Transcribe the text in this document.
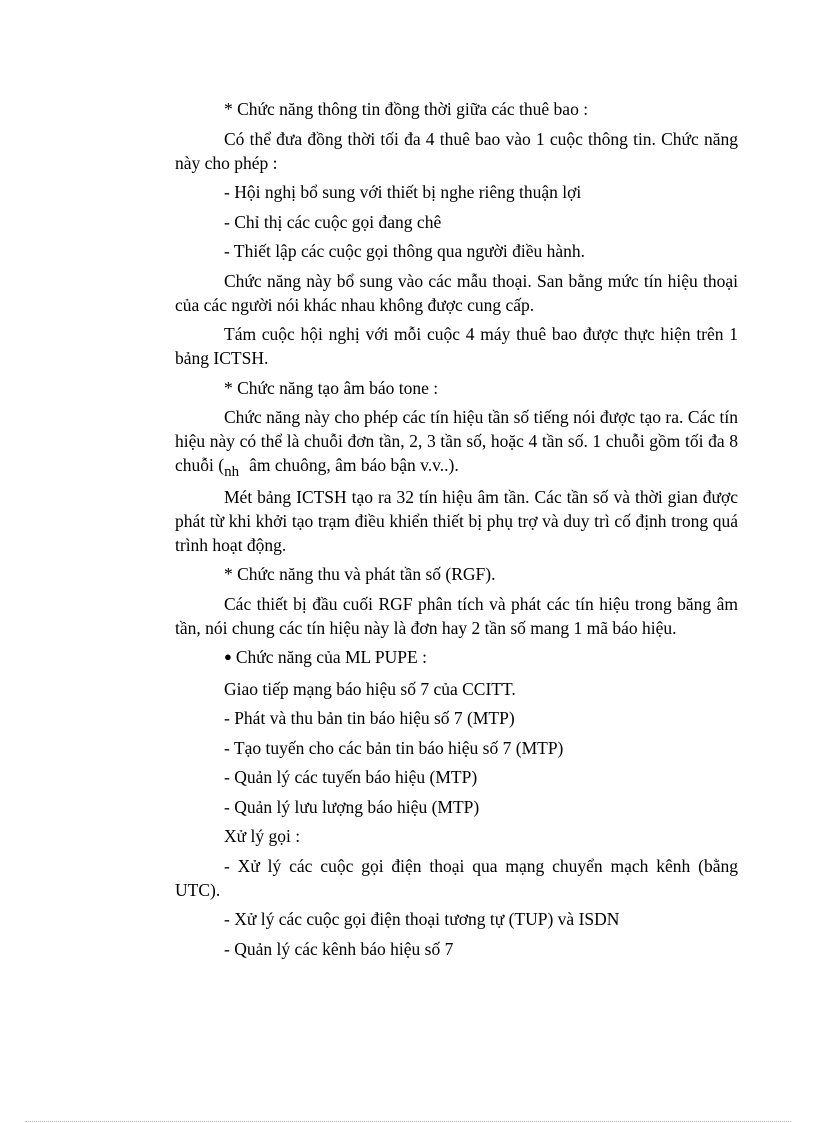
* Chức năng thông tin đồng thời giữa các thuê bao :

Có thể đưa đồng thời tối đa 4 thuê bao vào 1 cuộc thông tin. Chức năng này cho phép :

- Hội nghị bổ sung với thiết bị nghe riêng thuận lợi

- Chỉ thị các cuộc gọi đang chê

- Thiết lập các cuộc gọi thông qua người điều hành.

Chức năng này bổ sung vào các mẫu thoại. San bằng mức tín hiệu thoại của các người nói khác nhau không được cung cấp.

Tám cuộc hội nghị với mỗi cuộc 4 máy thuê bao được thực hiện trên 1 bảng ICTSH.

* Chức năng tạo âm báo tone :

Chức năng này cho phép các tín hiệu tần số tiếng nói được tạo ra. Các tín hiệu này có thể là chuỗi đơn tần, 2, 3 tần số, hoặc 4 tần số. 1 chuỗi gồm tối đa 8 chuỗi (nh âm chuông, âm báo bận v.v..).

Mét bảng ICTSH tạo ra 32 tín hiệu âm tần. Các tần số và thời gian được phát từ khi khởi tạo trạm điều khiển thiết bị phụ trợ và duy trì cố định trong quá trình hoạt động.

* Chức năng thu và phát tần số (RGF).

Các thiết bị đầu cuối RGF phân tích và phát các tín hiệu trong băng âm tần, nói chung các tín hiệu này là đơn hay 2 tần số mang 1 mã báo hiệu.

● Chức năng của ML PUPE :

Giao tiếp mạng báo hiệu số 7 của CCITT.

- Phát và thu bản tin báo hiệu số 7 (MTP)

- Tạo tuyến cho các bản tin báo hiệu số 7 (MTP)

- Quản lý các tuyến báo hiệu (MTP)

- Quản lý lưu lượng báo hiệu (MTP)

Xử lý gọi :

- Xử lý các cuộc gọi điện thoại qua mạng chuyển mạch kênh (bằng UTC).

- Xử lý các cuộc gọi điện thoại tương tự (TUP) và ISDN

- Quản lý các kênh báo hiệu số 7
